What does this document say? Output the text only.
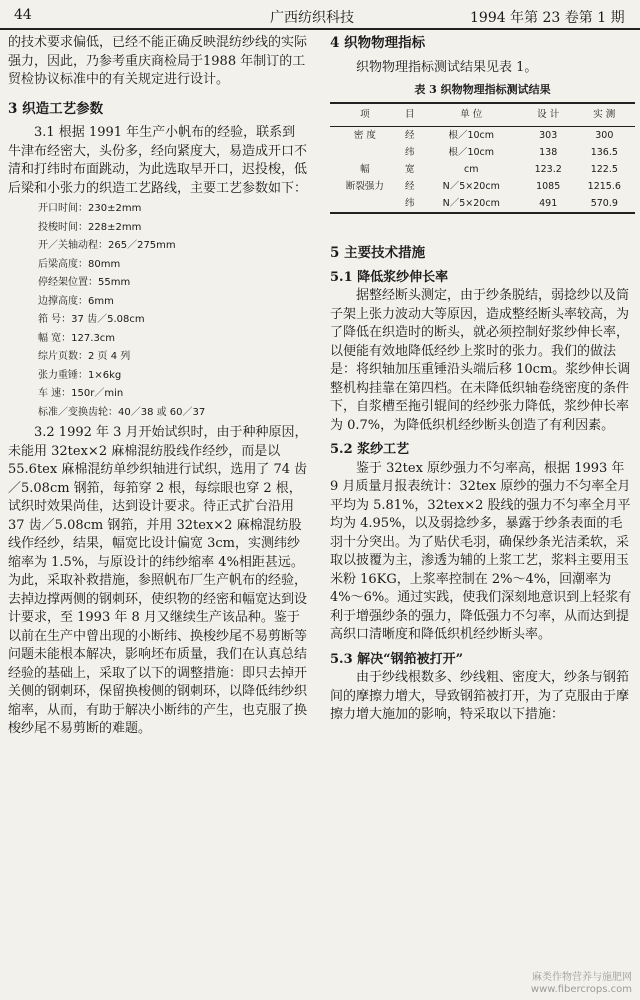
44	广西纺织科技	1994 年第 23 卷第 1 期

的技术要求偏低，已经不能正确反映混纺纱线的实际强力，因此，乃参考重庆商检局于1988 年制订的工贸检协议标准中的有关规定进行设计。

3 织造工艺参数

3.1 根据 1991 年生产小帆布的经验，联系到牛津布经密大，头份多，经向紧度大，易造成开口不清和打纬时布面跳动，为此选取早开口，迟投梭，低后梁和小张力的织造工艺路线，主要工艺参数如下：

开口时间：230±2mm
投梭时间：228±2mm
开／关轴动程：265／275mm
后梁高度：80mm
停经架位置：55mm
边撑高度：6mm
筘 号：37 齿／5.08cm
幅 宽：127.3cm
综片页数：2 页 4 列
张力重锤：1×6kg
车 速：150r／min
标准／变换齿轮：40／38 或 60／37

3.2 1992 年 3 月开始试织时，由于种种原因，未能用 32tex×2 麻棉混纺股线作经纱，而是以 55.6tex 麻棉混纺单纱织轴进行试织，选用了 74 齿／5.08cm 钢筘，每筘穿 2 根，每综眼也穿 2 根，试织时效果尚佳，达到设计要求。待正式扩台沿用 37 齿／5.08cm 钢筘，并用 32tex×2 麻棉混纺股线作经纱，结果，幅宽比设计偏宽 3cm，实测纬纱缩率为 1.5%，与原设计的纬纱缩率 4%相距甚远。为此，采取补救措施，参照帆布厂生产帆布的经验，去掉边撑两侧的钢刺环，使织物的经密和幅宽达到设计要求，至 1993 年 8 月又继续生产该品种。鉴于以前在生产中曾出现的小断纬、换梭纱尾不易剪断等问题未能根本解决，影响坯布质量，我们在认真总结经验的基础上，采取了以下的调整措施：即只去掉开关侧的钢刺环，保留换梭侧的钢刺环，以降低纬纱织缩率，从而，有助于解决小断纬的产生，也克服了换梭纱尾不易剪断的难题。

4 织物物理指标

织物物理指标测试结果见表 1。

表 3 织物物理指标测试结果
项	目	单 位	设 计	实 测
密 度	经	根／10cm	303	300
	纬	根／10cm	138	136.5
幅	宽	cm	123.2	122.5
断裂强力	经	N／5×20cm	1085	1215.6
	纬	N／5×20cm	491	570.9
5 主要技术措施
5.1 降低浆纱伸长率

据整经断头测定，由于纱条脱结，弱捻纱以及筒子架上张力波动大等原因，造成整经断头率较高，为了降低在织造时的断头，就必须控制好浆纱伸长率，以便能有效地降低经纱上浆时的张力。我们的做法是：将织轴加压重锤沿头端后移 10cm。浆纱伸长调整机构挂靠在第四档。在未降低织轴卷绕密度的条件下，自浆槽至拖引辊间的经纱张力降低，浆纱伸长率为 0.7%，为降低织机经纱断头创造了有利因素。

5.2 浆纱工艺

鉴于 32tex 原纱强力不匀率高，根据 1993 年 9 月质量月报表统计：32tex 原纱的强力不匀率全月平均为 5.81%，32tex×2 股线的强力不匀率全月平均为 4.95%，以及弱捻纱多，暴露于纱条表面的毛羽十分突出。为了贴伏毛羽，确保纱条光洁柔软，采取以披覆为主，渗透为辅的上浆工艺，浆料主要用玉米粉 16KG，上浆率控制在 2%～4%，回潮率为 4%～6%。通过实践，使我们深刻地意识到上轻浆有利于增强纱条的强力，降低强力不匀率，从而达到提高织口清晰度和降低织机经纱断头率。

5.3 解决“钢筘被打开”

由于纱线根数多、纱线粗、密度大，纱条与钢筘间的摩擦力增大，导致钢筘被打开，为了克服由于摩擦力增大施加的影响，特采取以下措施：

麻类作物营养与施肥网
www.fibercrops.com
